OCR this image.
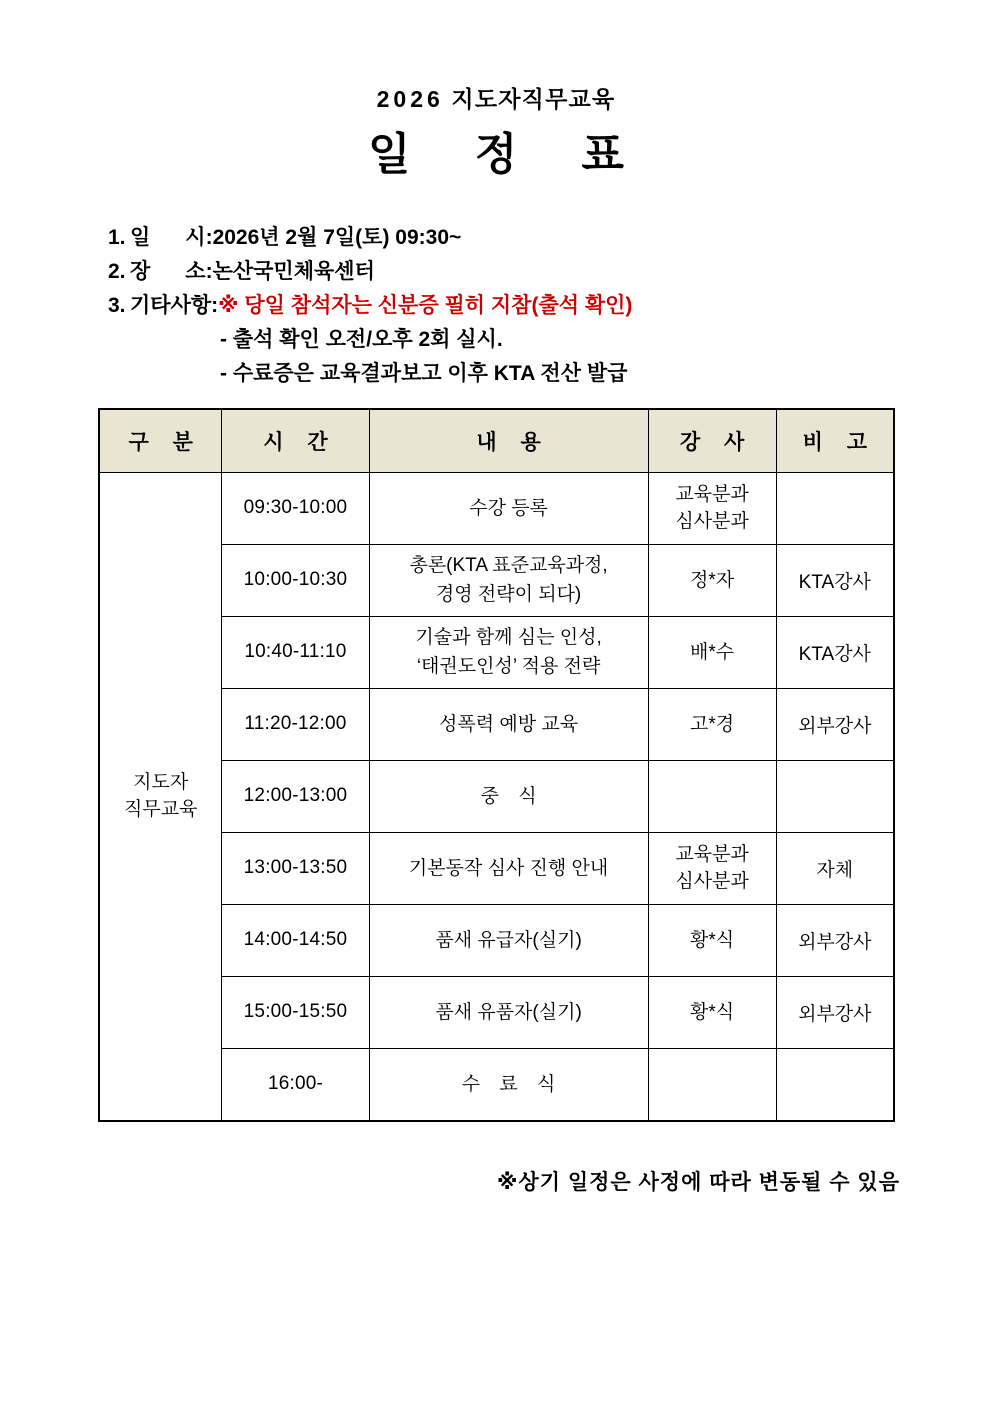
2026 지도자직무교육
일 정 표
1. 일      시: 2026년 2월 7일(토) 09:30~
2. 장      소: 논산국민체육센터
3. 기타사항: ※ 당일 참석자는 신분증 필히 지참(출석 확인)
- 출석 확인 오전/오후 2회 실시.
- 수료증은 교육결과보고 이후 KTA 전산 발급
구 분	시 간	내 용	강 사	비 고

지도자
직무교육	09:30-10:00	수강 등록	교육분과
심사분과	

	10:00-10:30	총론(KTA 표준교육과정,
경영 전략이 되다)	정*자	KTA강사
	10:40-11:10	기술과 함께 심는 인성,
‘태권도인성’ 적용 전략	배*수	KTA강사
	11:20-12:00	성폭력 예방 교육	고*경	외부강사
	12:00-13:00	중 식		

	13:00-13:50	기본동작 심사 진행 안내	교육분과
심사분과	자체
	14:00-14:50	품새 유급자(실기)	황*식	외부강사
	15:00-15:50	품새 유품자(실기)	황*식	외부강사
	16:00-	수 료 식		

※상기 일정은 사정에 따라 변동될 수 있음
